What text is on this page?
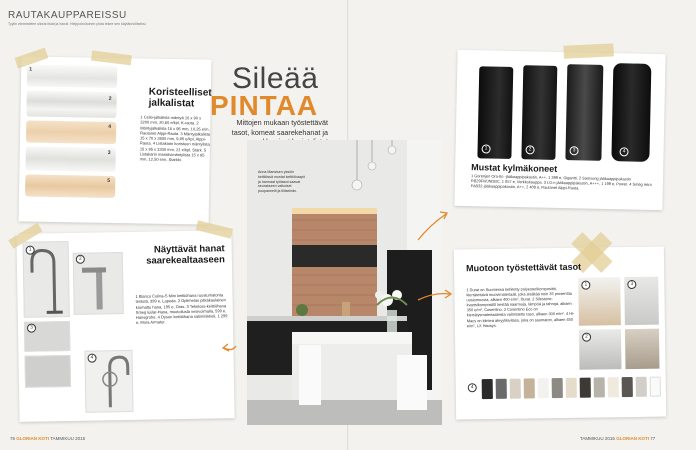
RAUTAKAUPPAREISSU
Tyylin viimeistelee oikeat listat ja hanat. Helppohoitoinen pinta tekee sen käytännölliseksi.
1
2
3
4
5
Koristeelliset jalkalistat
1 Celio-jalkalista mäntyä 16 x 90 x 3200 mm, 20,60 e/kpl, K-rauta. 2 Mäntyjalkalista 16 x 95 mm, 10,25 e/m, Rautanet Alppi-Rauta. 3 Mäntyjalkalista 15 x 70 x 3600 mm, 9,95 e/kpl, Alppi-Rauta. 4 Listakarin koristeen mäntylista 15 x 95 x 3300 mm, 21 e/kpl, Stark. 5 Listakarin massiivimäntylista 15 x 95 mm, 12,50 e/m, Starkki.
1
2
3
4
Näyttävät hanat saarekealtaaseen
1 Blanco Culina-S Mini keittiöhana ruostumatonta terästä, 399 e, Lapeda. 2 Oplimetas pitkäkaulainen kromattu hana, 195 e, Oras. 3 Tekeloss-keittiöhana Smeg Eslar-Hana, muotoilusta vesivoimalla, 599 e, Hansgrohe. 4 Dyson keittiöhana satiininikkeli, 1 299 e, Mora Armatur.
Sileää
PINTAA
Mittojen mukaan työstettävät tasot, komeat saarekehanat ja
Anna Mansisen yksiön keittiössä mustat keittiökaapit ja harmaat työtasot saavat seurakseen valkoiset puupaneelit ja tiiliseinän.
1	2	3	4
Mustat kylmäkoneet
1 Gorenjen Ora-Ito -jääkaappipakastin, A++, 1 399 e, Gigantti. 2 Samsung jääkaappipakastin RB29FWJNDBC, 1 057 e, Verkkokauppa. 3 LG:n jääkaappipakastin, A+++, 1 199 e, Power. 4 Smeg retro FAB32-jääkaappipakastin, A++, 2 400 e, Rautanet Alppi-Rauta.
Muotoon työstettävät tasot
1 Durat on Suomessa kehitetty polyesterikomposiitti, kierrätettävä muovimateriaali, joka sisältää noin 35 prosenttia uusiomuovia, alkaen 400 e/m², Durat. 2 Silestone-kvartsikomposiitti kestää naarmuja, lämpöä ja tahroja, alkaen 350 e/m², Cosentino. 3 Cosentino Eco on kierrätysmateriaaleista valmistettu taso, alkaen 300 e/m². 4 Hi-Macs on kiinteä akryylikivitaso, joka on saumaton, alkaen 450 e/m², LX Hausys.
1
2
3
4
76 GLORIAN KOTI TAMMIKUU 2015	TAMMIKUU 2015 GLORIAN KOTI 77
